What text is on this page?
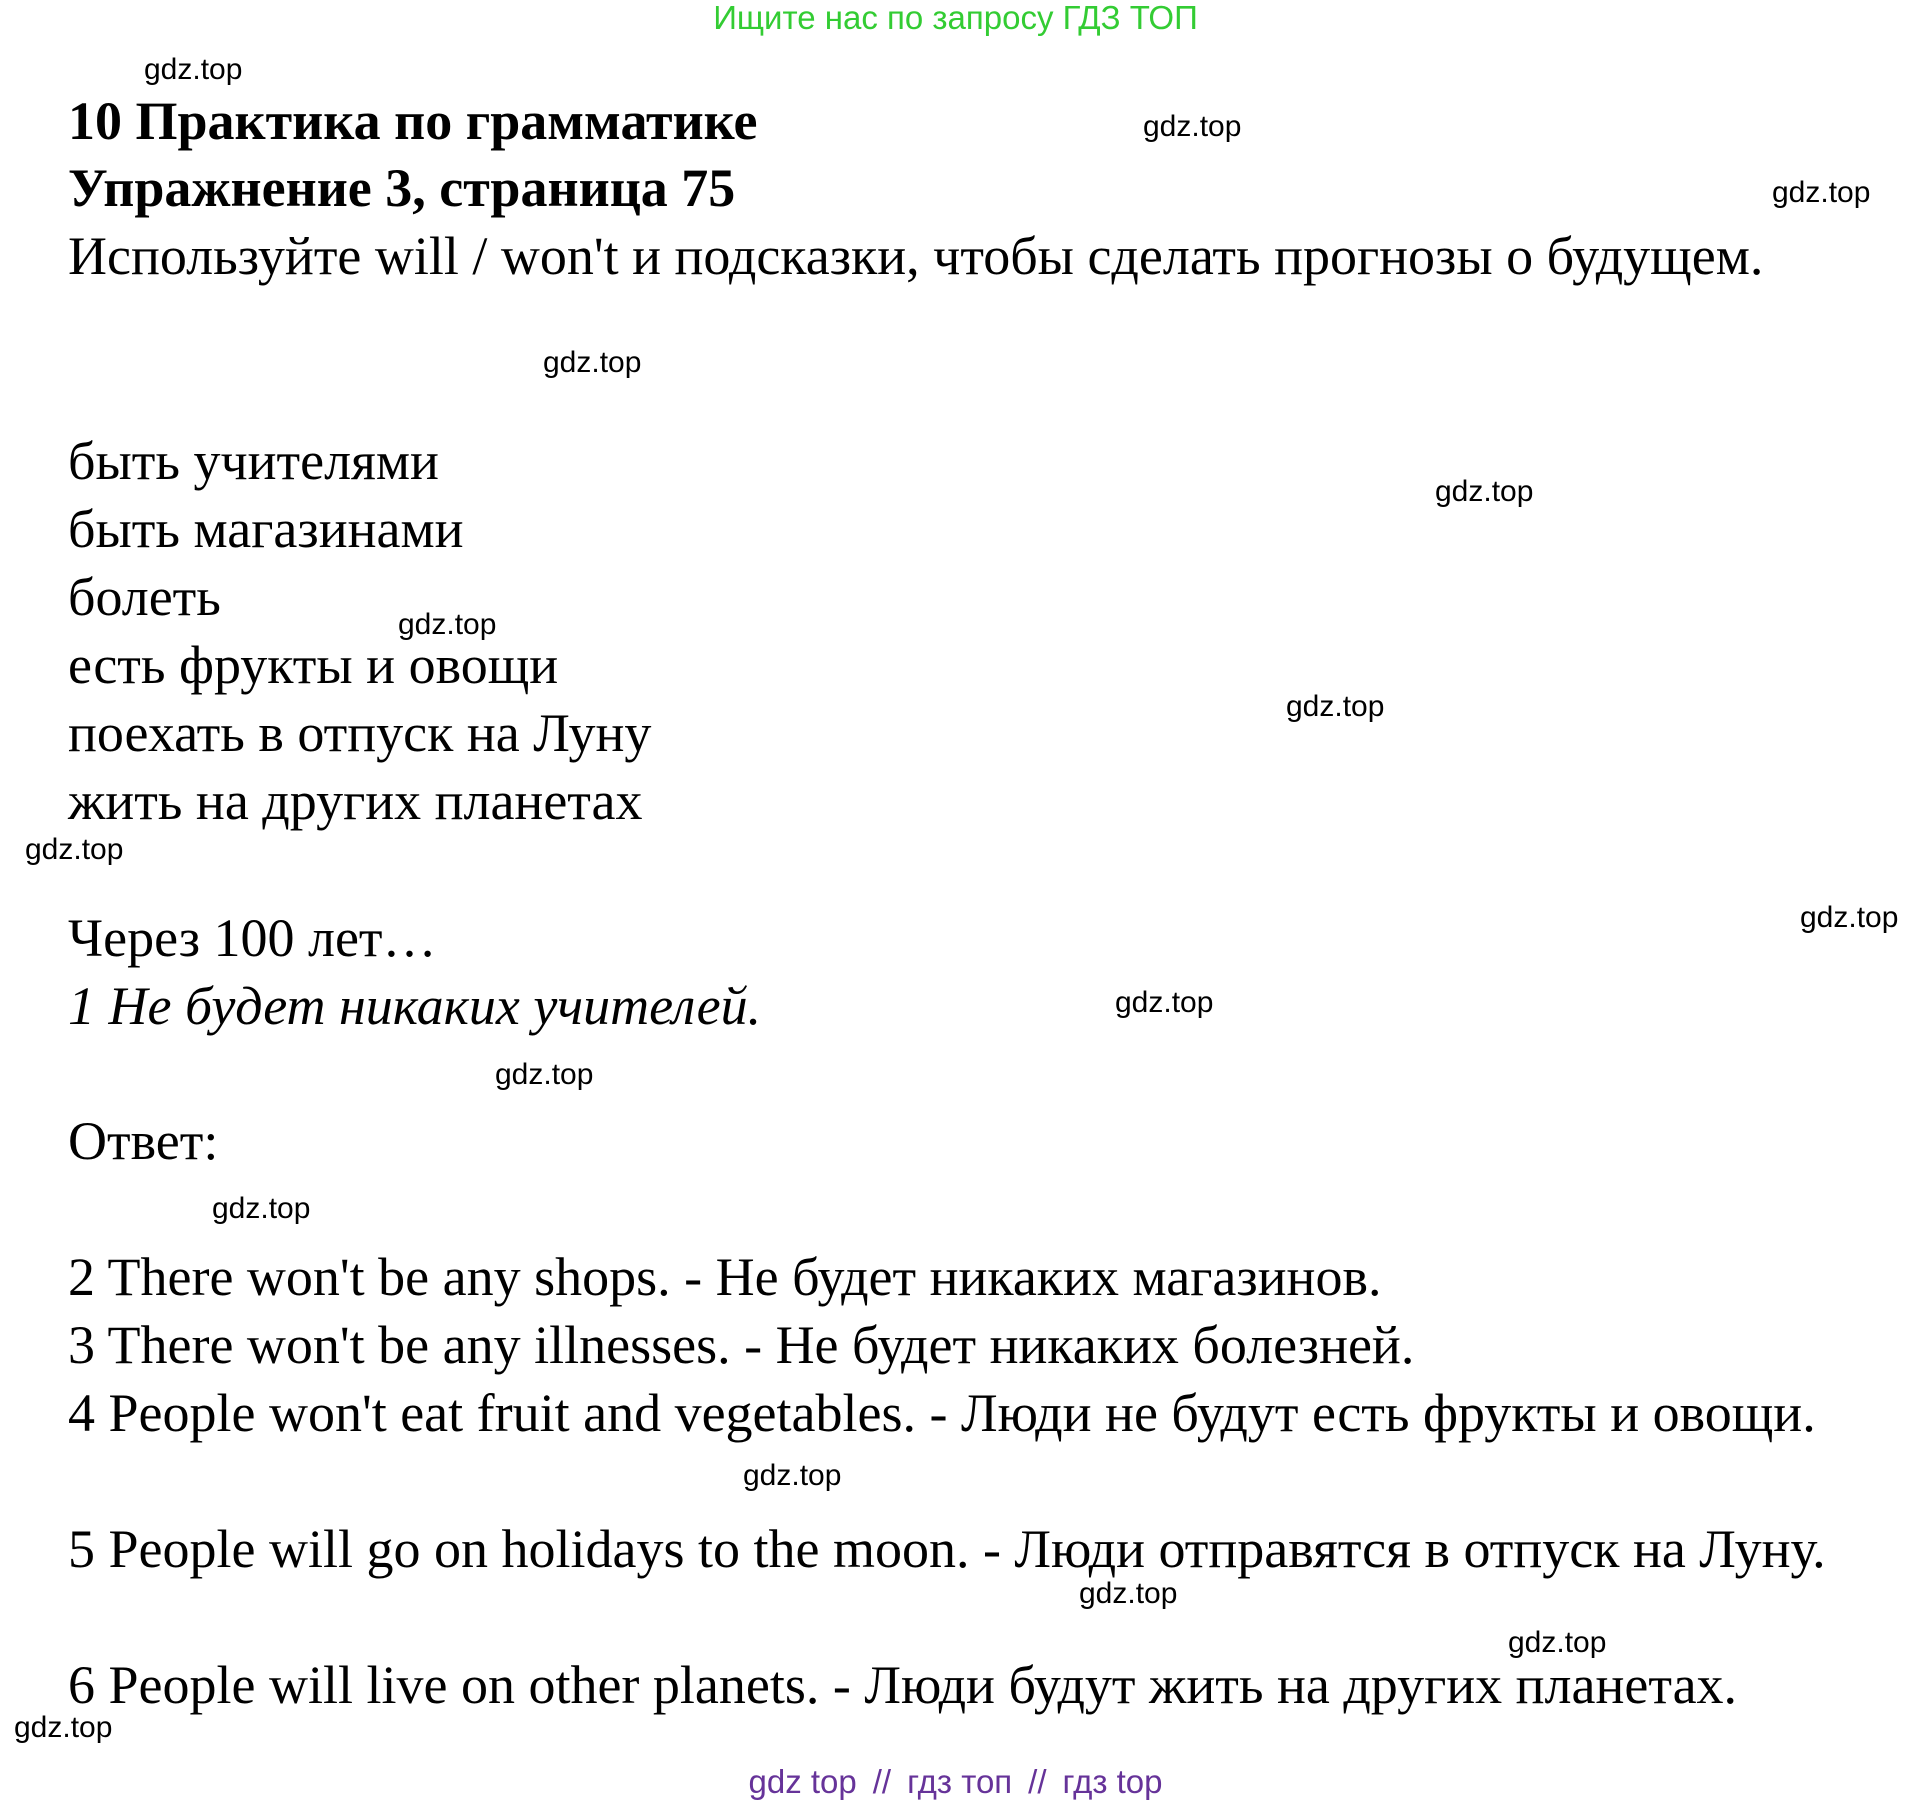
Ищите нас по запросу ГДЗ ТОП
10 Практика по грамматике
Упражнение 3, страница 75
Используйте will / won't и подсказки, чтобы сделать прогнозы о будущем.
быть учителями
быть магазинами
болеть
есть фрукты и овощи
поехать в отпуск на Луну
жить на других планетах
Через 100 лет…
1 Не будет никаких учителей.
Ответ:
2 There won't be any shops. - Не будет никаких магазинов.
3 There won't be any illnesses. - Не будет никаких болезней.
4 People won't eat fruit and vegetables. - Люди не будут есть фрукты и овощи.
5 People will go on holidays to the moon. - Люди отправятся в отпуск на Луну.
6 People will live on other planets. - Люди будут жить на других планетах.
gdz.top
gdz.top
gdz.top
gdz.top
gdz.top
gdz.top
gdz.top
gdz.top
gdz.top
gdz.top
gdz.top
gdz.top
gdz.top
gdz.top
gdz.top
gdz.top
gdz top // гдз топ // гдз top
